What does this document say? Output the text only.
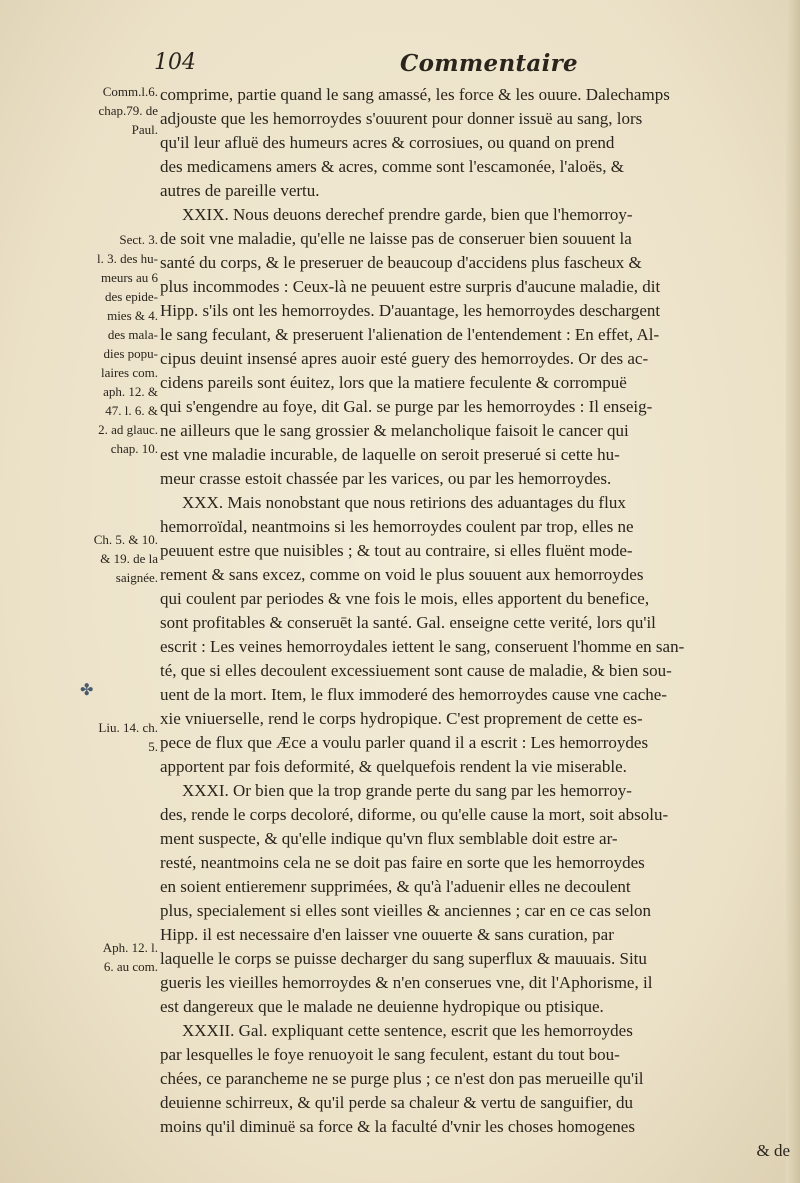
104	Commentaire
Comm.l.6.
chap.79. de
Paul.
Sect. 3.
l. 3. des hu-
meurs au 6
des epide-
mies & 4.
des mala-
dies popu-
laires com.
aph. 12. &
47. l. 6. &
2. ad glauc.
chap. 10.
Ch. 5. & 10.
& 19. de la
saignée.
Liu. 14. ch.
5.
Aph. 12. l.
6. au com.
✤
comprime, partie quand le sang amassé, les force & les ouure. Dalechamps
adjouste que les hemorroydes s'ouurent pour donner issuë au sang, lors
qu'il leur afluë des humeurs acres & corrosiues, ou quand on prend
des medicamens amers & acres, comme sont l'escamonée, l'aloës, &
autres de pareille vertu.
XXIX. Nous deuons derechef prendre garde, bien que l'hemorroy-
de soit vne maladie, qu'elle ne laisse pas de conseruer bien souuent la
santé du corps, & le preseruer de beaucoup d'accidens plus fascheux &
plus incommodes : Ceux-là ne peuuent estre surpris d'aucune maladie, dit
Hipp. s'ils ont les hemorroydes. D'auantage, les hemorroydes deschargent
le sang feculant, & preseruent l'alienation de l'entendement : En effet, Al-
cipus deuint insensé apres auoir esté guery des hemorroydes. Or des ac-
cidens pareils sont éuitez, lors que la matiere feculente & corrompuë
qui s'engendre au foye, dit Gal. se purge par les hemorroydes : Il enseig-
ne ailleurs que le sang grossier & melancholique faisoit le cancer qui
est vne maladie incurable, de laquelle on seroit preserué si cette hu-
meur crasse estoit chassée par les varices, ou par les hemorroydes.
XXX. Mais nonobstant que nous retirions des aduantages du flux
hemorroïdal, neantmoins si les hemorroydes coulent par trop, elles ne
peuuent estre que nuisibles ; & tout au contraire, si elles fluënt mode-
rement & sans excez, comme on void le plus souuent aux hemorroydes
qui coulent par periodes & vne fois le mois, elles apportent du benefice,
sont profitables & conseruēt la santé. Gal. enseigne cette verité, lors qu'il
escrit : Les veines hemorroydales iettent le sang, conseruent l'homme en san-
té, que si elles decoulent excessiuement sont cause de maladie, & bien sou-
uent de la mort. Item, le flux immoderé des hemorroydes cause vne cache-
xie vniuerselle, rend le corps hydropique. C'est proprement de cette es-
pece de flux que Æce a voulu parler quand il a escrit : Les hemorroydes
apportent par fois deformité, & quelquefois rendent la vie miserable.
XXXI. Or bien que la trop grande perte du sang par les hemorroy-
des, rende le corps decoloré, diforme, ou qu'elle cause la mort, soit absolu-
ment suspecte, & qu'elle indique qu'vn flux semblable doit estre ar-
resté, neantmoins cela ne se doit pas faire en sorte que les hemorroydes
en soient entieremenr supprimées, & qu'à l'aduenir elles ne decoulent
plus, specialement si elles sont vieilles & anciennes ; car en ce cas selon
Hipp. il est necessaire d'en laisser vne ouuerte & sans curation, par
laquelle le corps se puisse decharger du sang superflux & mauuais. Situ
gueris les vieilles hemorroydes & n'en conserues vne, dit l'Aphorisme, il
est dangereux que le malade ne deuienne hydropique ou ptisique.
XXXII. Gal. expliquant cette sentence, escrit que les hemorroydes
par lesquelles le foye renuoyoit le sang feculent, estant du tout bou-
chées, ce parancheme ne se purge plus ; ce n'est don pas merueille qu'il
deuienne schirreux, & qu'il perde sa chaleur & vertu de sanguifier, du
moins qu'il diminuë sa force & la faculté d'vnir les choses homogenes
& de
